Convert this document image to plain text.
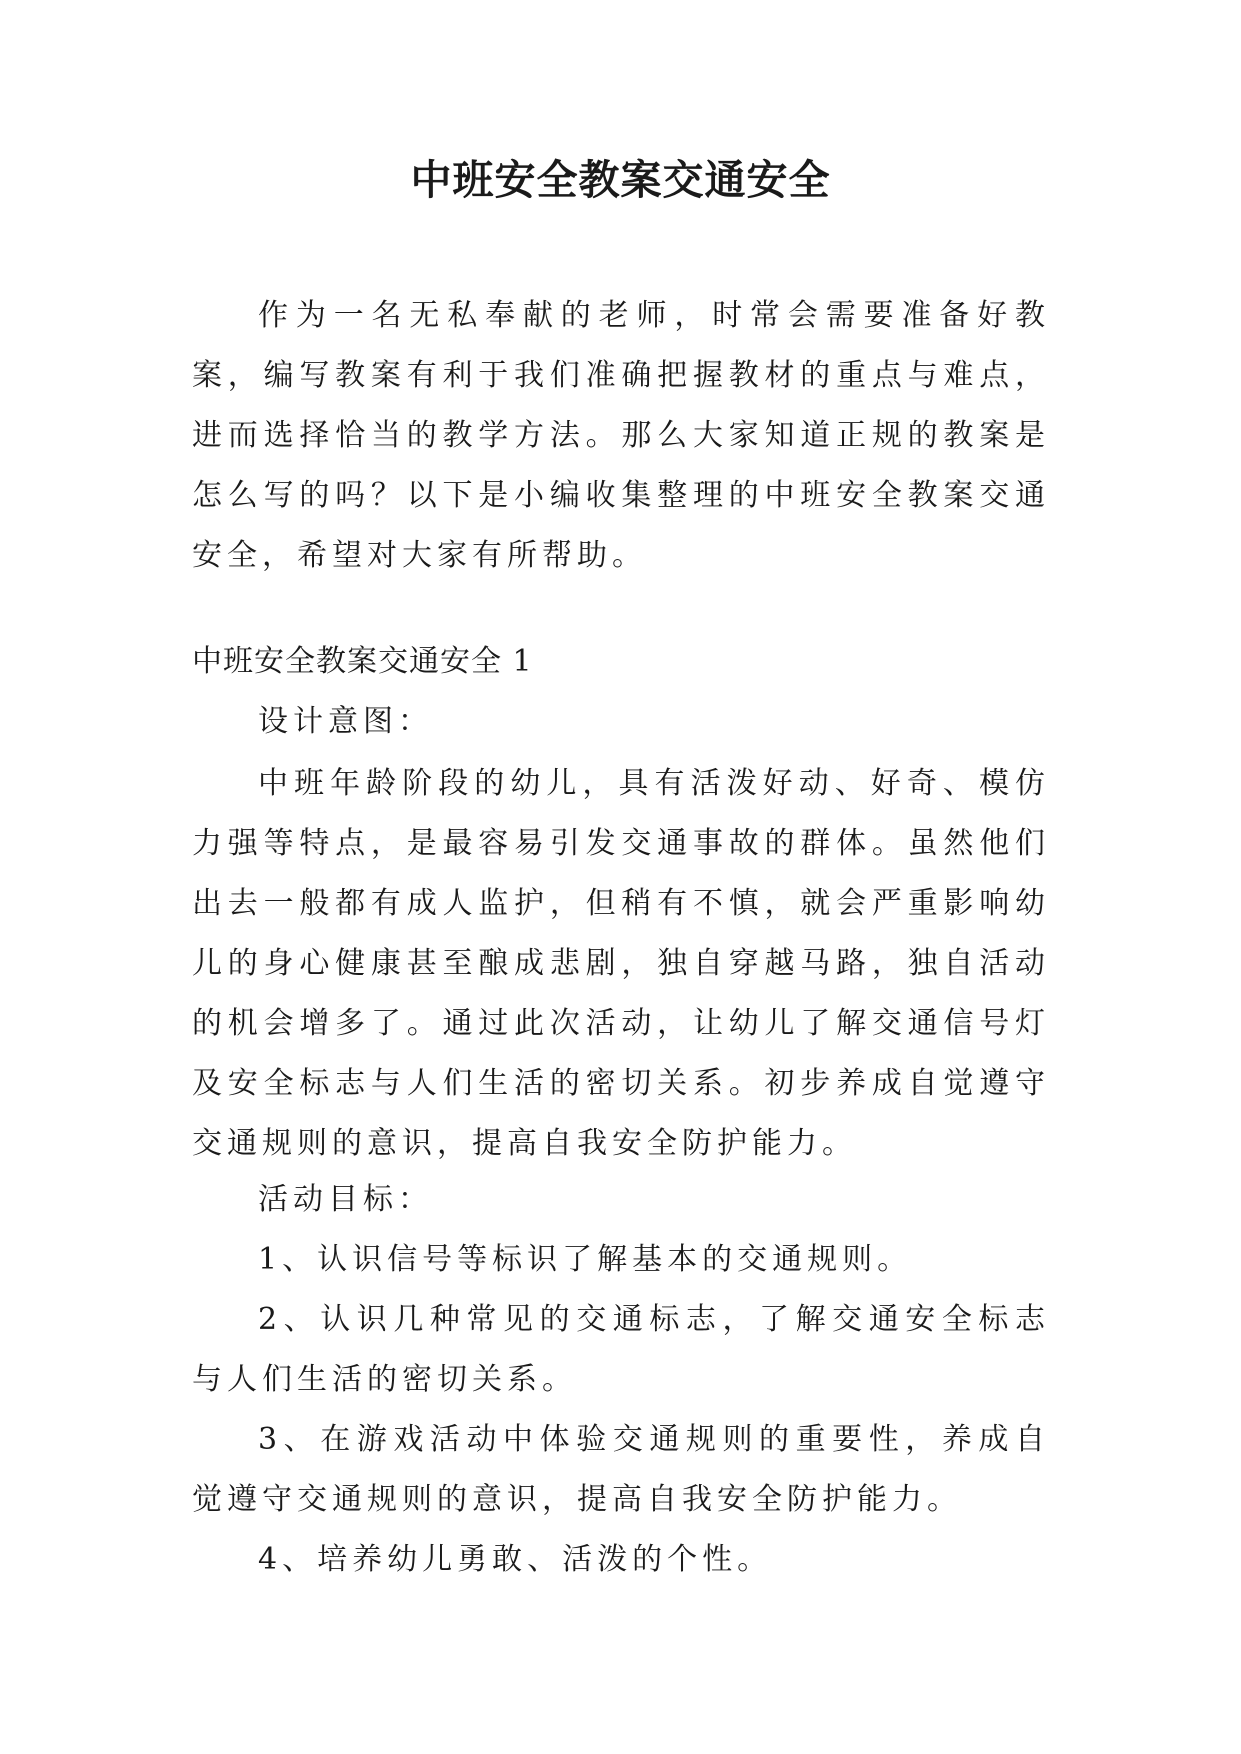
中班安全教案交通安全

作为一名无私奉献的老师，时常会需要准备好教案，编写教案有利于我们准确把握教材的重点与难点，进而选择恰当的教学方法。那么大家知道正规的教案是怎么写的吗？以下是小编收集整理的中班安全教案交通安全，希望对大家有所帮助。

中班安全教案交通安全 1

设计意图：

中班年龄阶段的幼儿，具有活泼好动、好奇、模仿力强等特点，是最容易引发交通事故的群体。虽然他们出去一般都有成人监护，但稍有不慎，就会严重影响幼儿的身心健康甚至酿成悲剧，独自穿越马路，独自活动的机会增多了。通过此次活动，让幼儿了解交通信号灯及安全标志与人们生活的密切关系。初步养成自觉遵守交通规则的意识，提高自我安全防护能力。

活动目标：

1、认识信号等标识了解基本的交通规则。

2、认识几种常见的交通标志，了解交通安全标志与人们生活的密切关系。

3、在游戏活动中体验交通规则的重要性，养成自觉遵守交通规则的意识，提高自我安全防护能力。

4、培养幼儿勇敢、活泼的个性。
